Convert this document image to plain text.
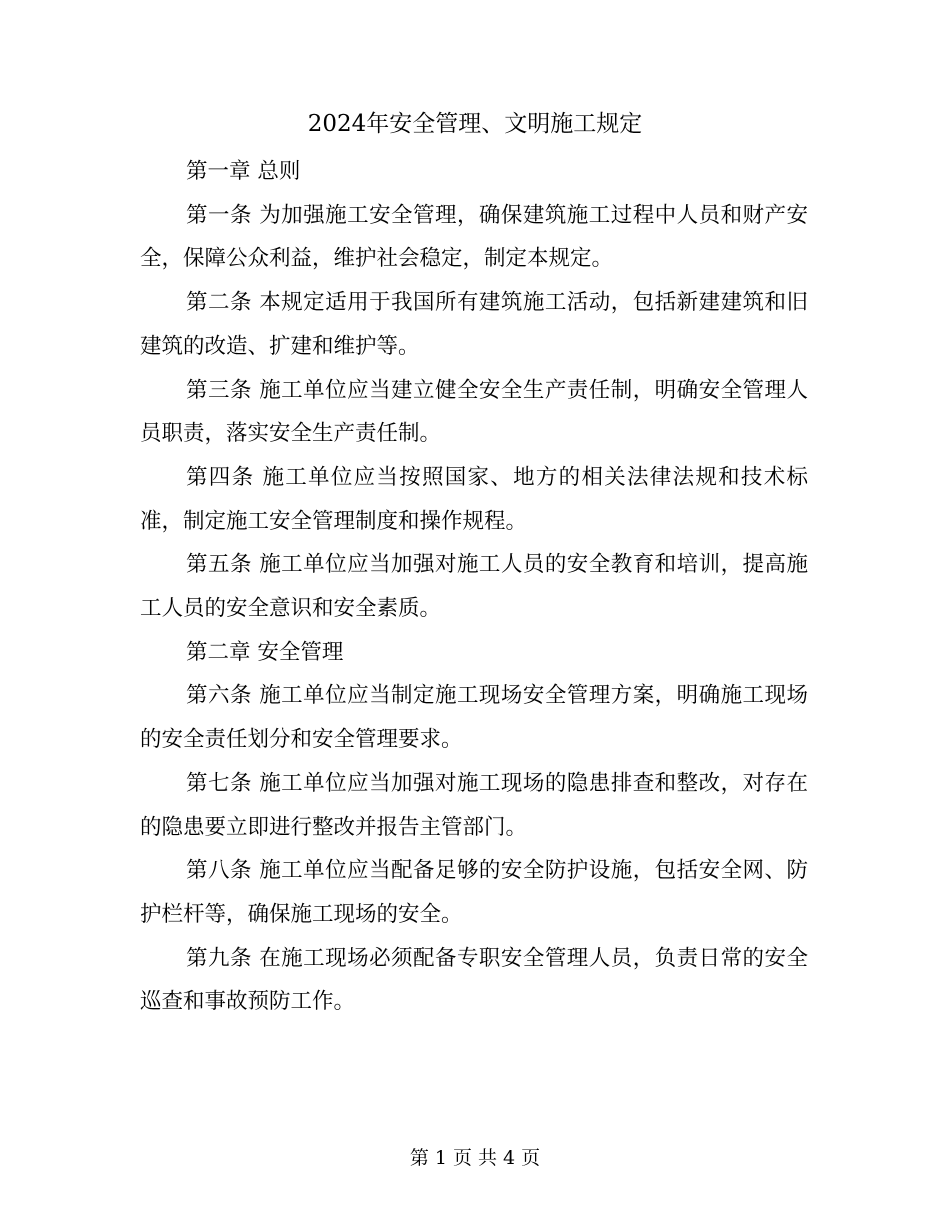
2024年安全管理、文明施工规定

第一章 总则

第一条 为加强施工安全管理，确保建筑施工过程中人员和财产安全，保障公众利益，维护社会稳定，制定本规定。

第二条 本规定适用于我国所有建筑施工活动，包括新建建筑和旧建筑的改造、扩建和维护等。

第三条 施工单位应当建立健全安全生产责任制，明确安全管理人员职责，落实安全生产责任制。

第四条 施工单位应当按照国家、地方的相关法律法规和技术标准，制定施工安全管理制度和操作规程。

第五条 施工单位应当加强对施工人员的安全教育和培训，提高施工人员的安全意识和安全素质。

第二章 安全管理

第六条 施工单位应当制定施工现场安全管理方案，明确施工现场的安全责任划分和安全管理要求。

第七条 施工单位应当加强对施工现场的隐患排查和整改，对存在的隐患要立即进行整改并报告主管部门。

第八条 施工单位应当配备足够的安全防护设施，包括安全网、防护栏杆等，确保施工现场的安全。

第九条 在施工现场必须配备专职安全管理人员，负责日常的安全巡查和事故预防工作。

第 1 页 共 4 页
